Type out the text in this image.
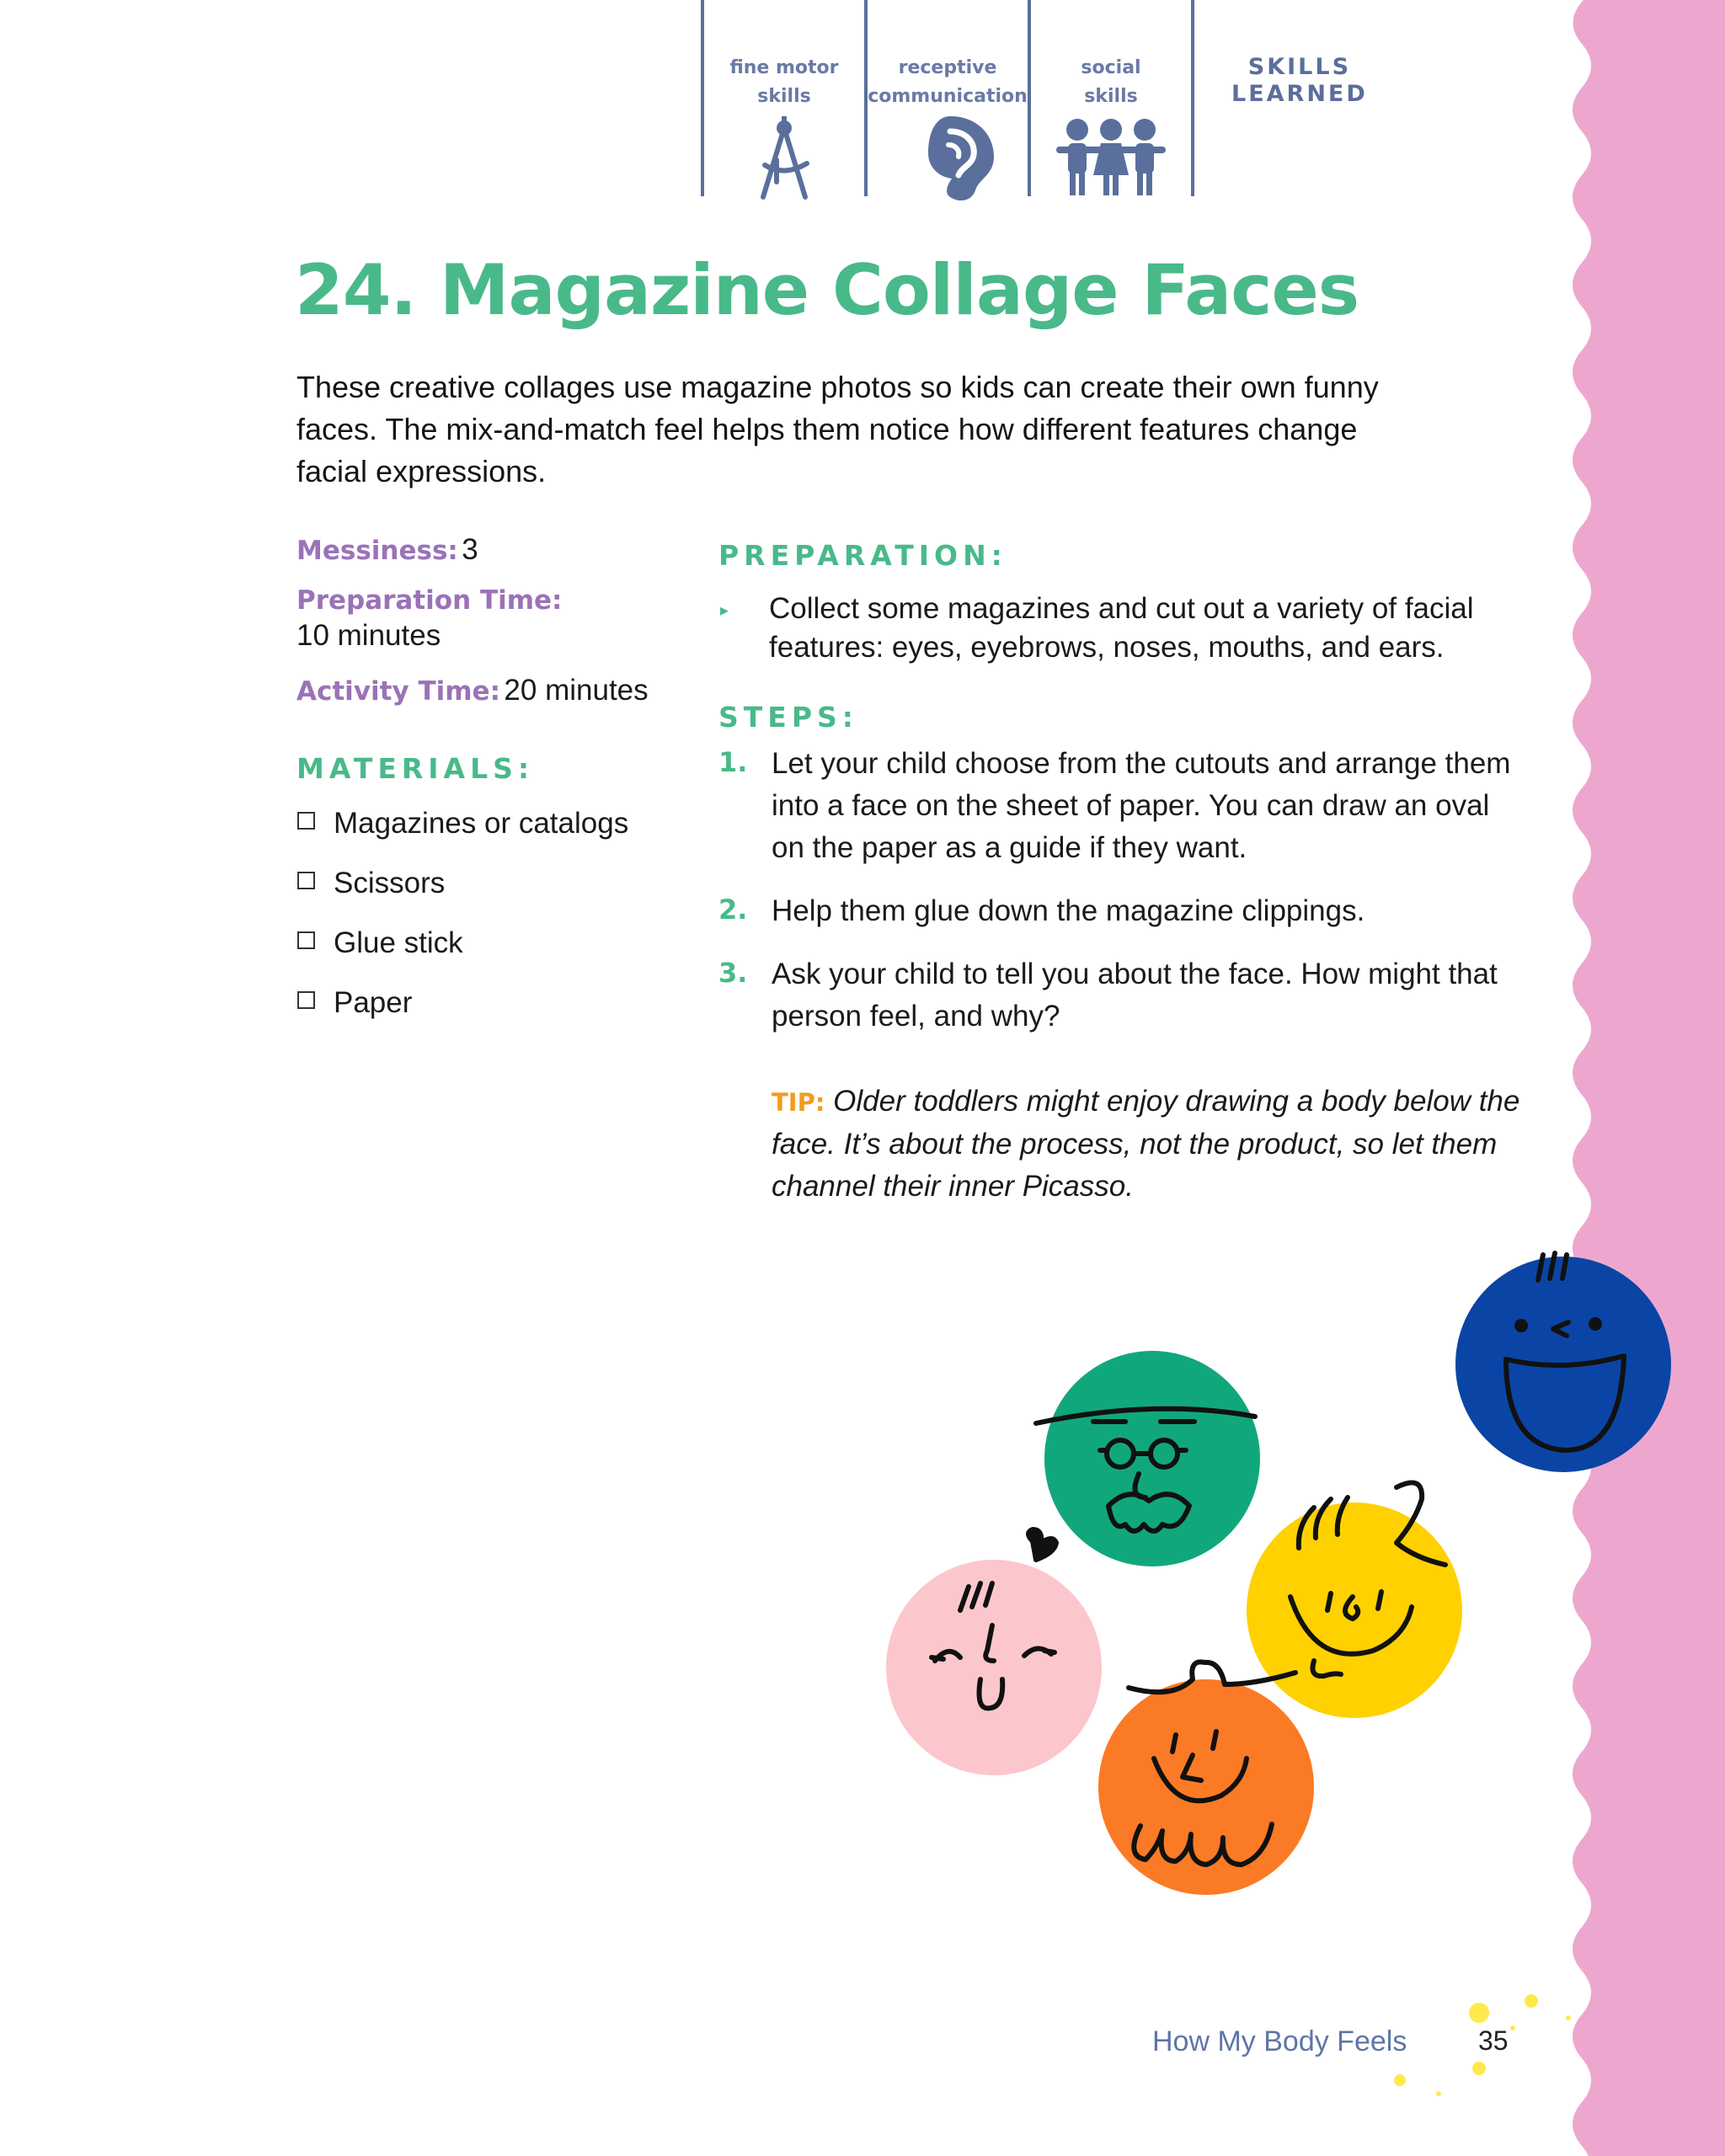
fine motor
skills
receptive
communication
social
skills
SKILLS
LEARNED
24. Magazine Collage Faces
These creative collages use magazine photos so kids can create their own funny faces. The mix-and-match feel helps them notice how different features change facial expressions.
Messiness: 3
Preparation Time:
10 minutes
Activity Time: 20 minutes
MATERIALS:
Magazines or catalogs
Scissors
Glue stick
Paper
PREPARATION:
▸ Collect some magazines and cut out a variety of facial features: eyes, eyebrows, noses, mouths, and ears.
STEPS:
1. Let your child choose from the cutouts and arrange them into a face on the sheet of paper. You can draw an oval on the paper as a guide if they want.
2. Help them glue down the magazine clippings.
3. Ask your child to tell you about the face. How might that person feel, and why?
TIP: Older toddlers might enjoy drawing a body below the face. It’s about the process, not the product, so let them channel their inner Picasso.
How My Body Feels	35
